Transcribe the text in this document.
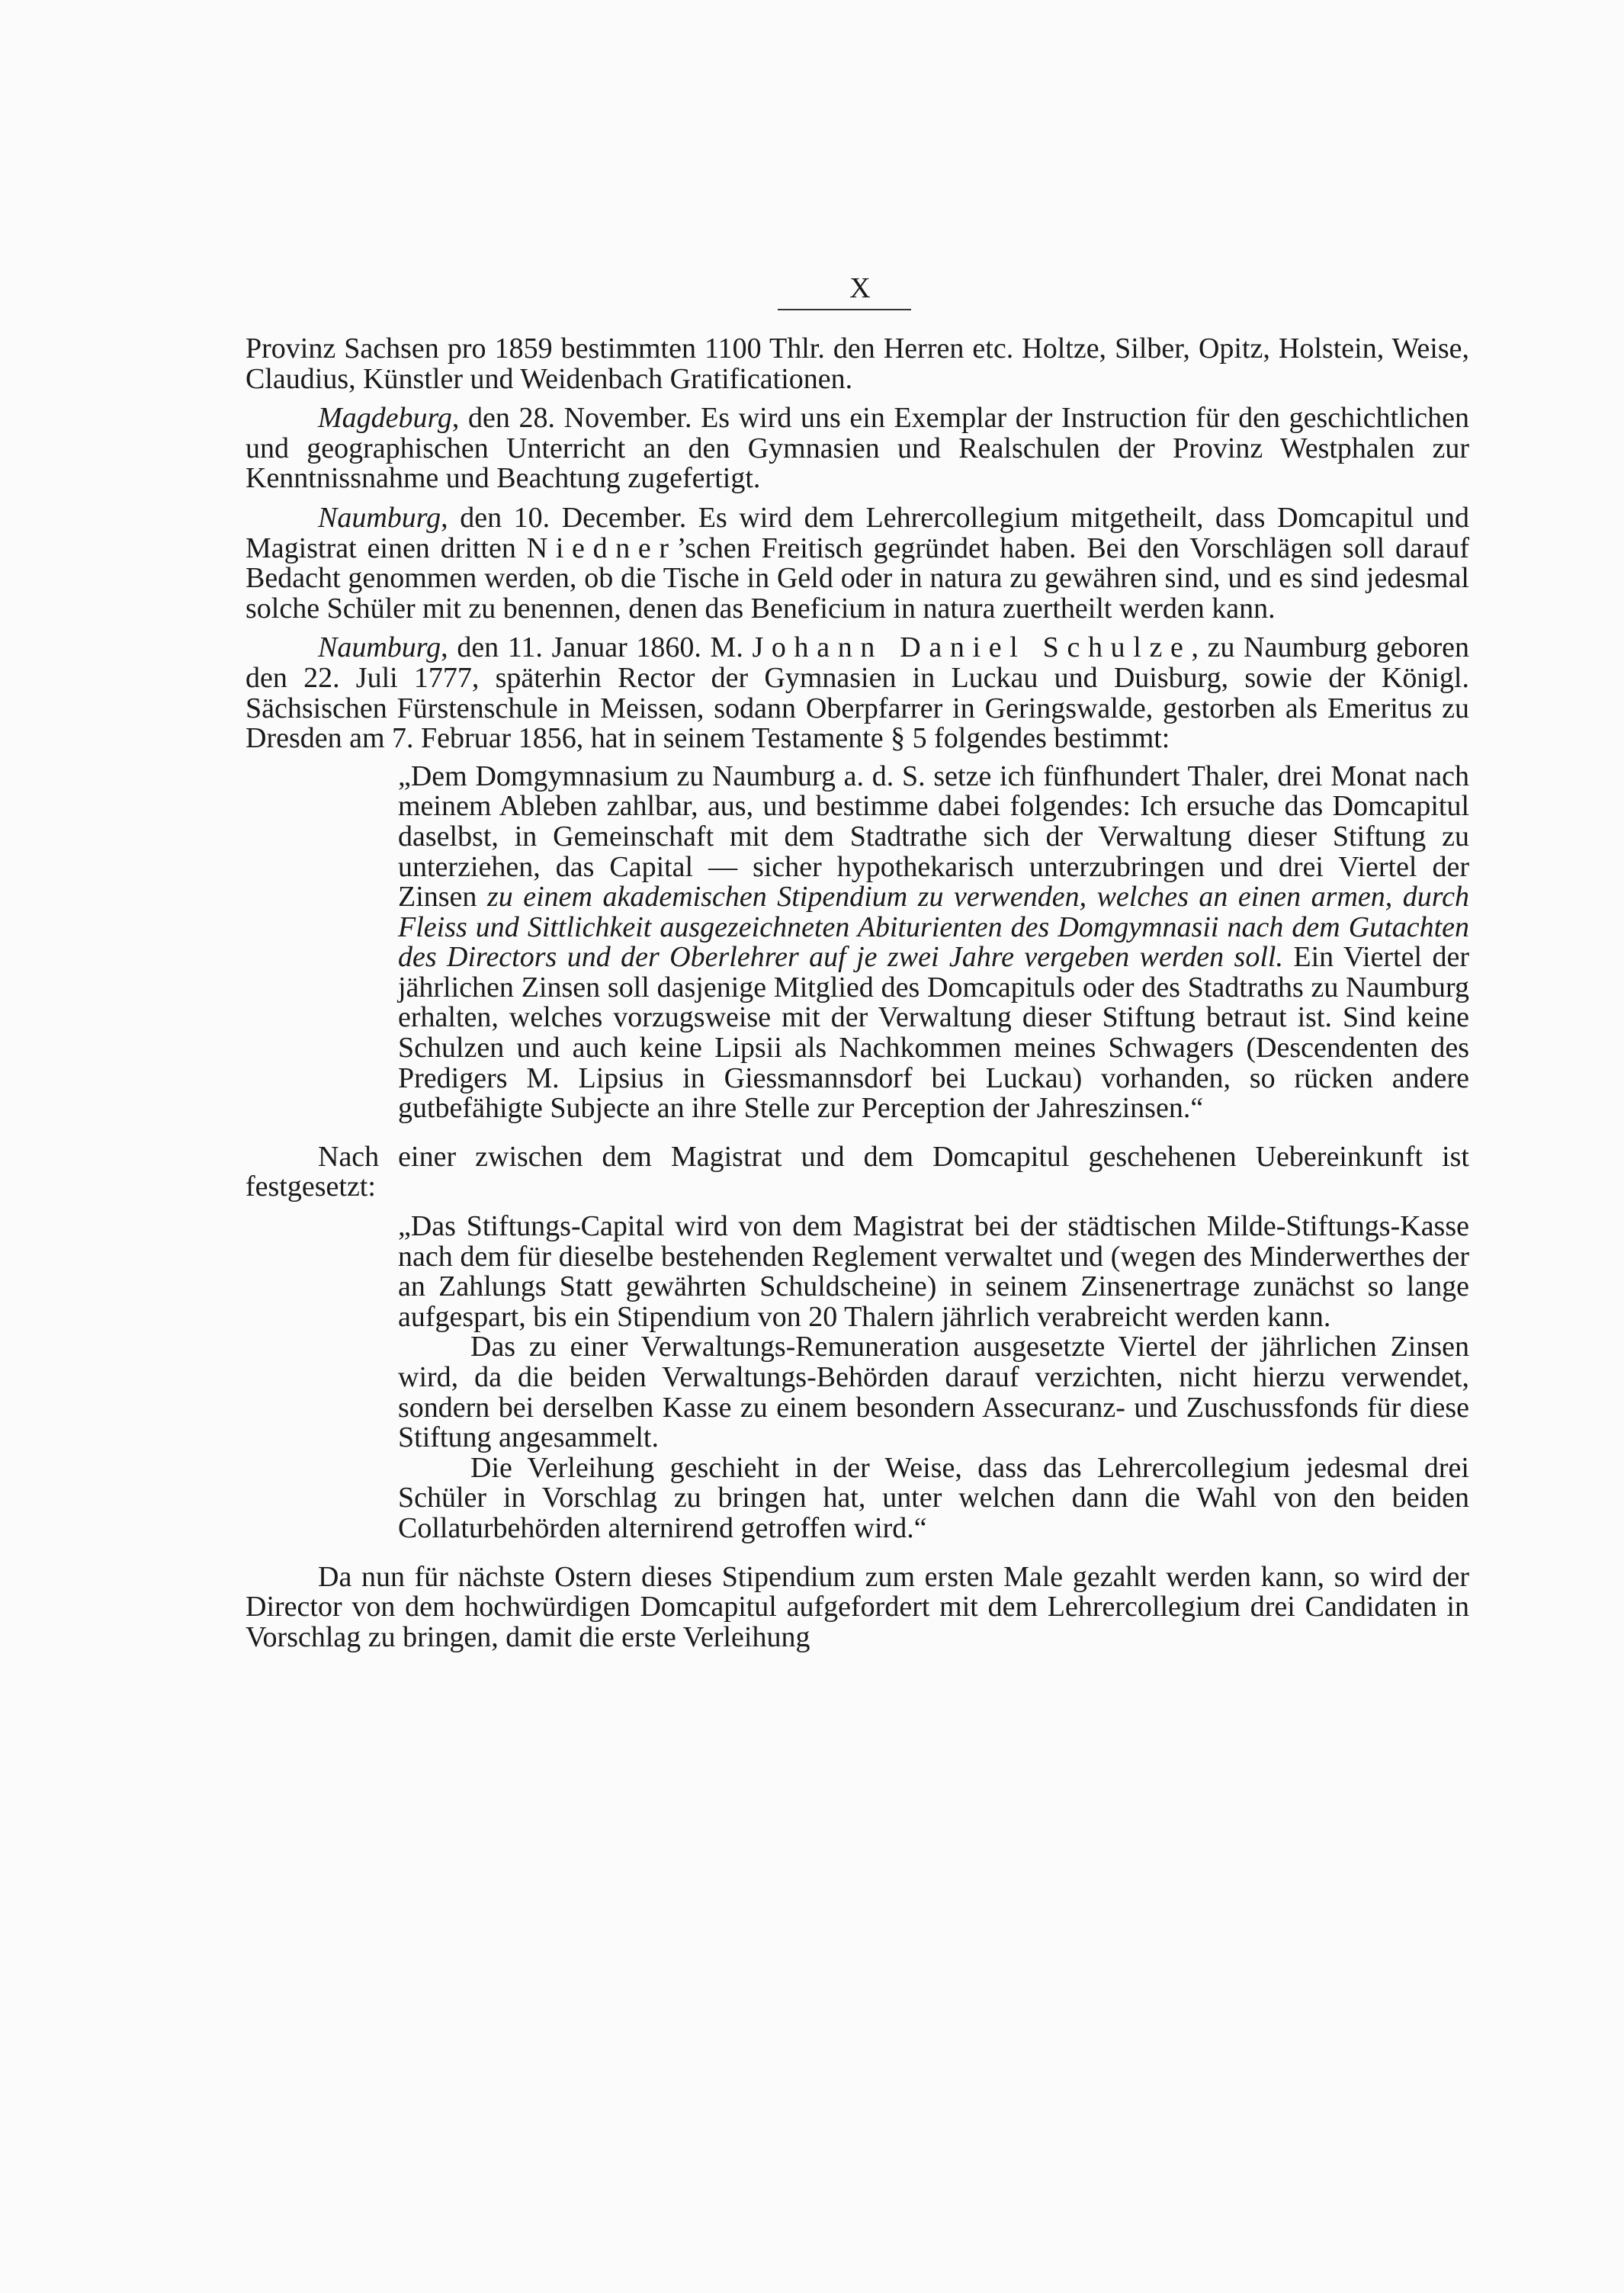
X

Provinz Sachsen pro 1859 bestimmten 1100 Thlr. den Herren etc. Holtze, Silber, Opitz, Holstein, Weise, Claudius, Künstler und Weidenbach Gratificationen.

Magdeburg, den 28. November. Es wird uns ein Exemplar der Instruction für den geschichtlichen und geographischen Unterricht an den Gymnasien und Realschulen der Provinz Westphalen zur Kenntnissnahme und Beachtung zugefertigt.

Naumburg, den 10. December. Es wird dem Lehrercollegium mitgetheilt, dass Domcapitul und Magistrat einen dritten Niedner’schen Freitisch gegründet haben. Bei den Vorschlägen soll darauf Bedacht genommen werden, ob die Tische in Geld oder in natura zu gewähren sind, und es sind jedesmal solche Schüler mit zu benennen, denen das Beneficium in natura zuertheilt werden kann.

Naumburg, den 11. Januar 1860. M. Johann Daniel Schulze, zu Naumburg geboren den 22. Juli 1777, späterhin Rector der Gymnasien in Luckau und Duisburg, sowie der Königl. Sächsischen Fürstenschule in Meissen, sodann Oberpfarrer in Geringswalde, gestorben als Emeritus zu Dresden am 7. Februar 1856, hat in seinem Testamente § 5 folgendes bestimmt:

„Dem Domgymnasium zu Naumburg a. d. S. setze ich fünfhundert Thaler, drei Monat nach meinem Ableben zahlbar, aus, und bestimme dabei folgendes: Ich ersuche das Domcapitul daselbst, in Gemeinschaft mit dem Stadtrathe sich der Verwaltung dieser Stiftung zu unterziehen, das Capital — sicher hypothekarisch unterzubringen und drei Viertel der Zinsen zu einem akademischen Stipendium zu verwenden, welches an einen armen, durch Fleiss und Sittlichkeit ausgezeichneten Abiturienten des Domgymnasii nach dem Gutachten des Directors und der Oberlehrer auf je zwei Jahre vergeben werden soll. Ein Viertel der jährlichen Zinsen soll dasjenige Mitglied des Domcapituls oder des Stadtraths zu Naumburg erhalten, welches vorzugsweise mit der Verwaltung dieser Stiftung betraut ist. Sind keine Schulzen und auch keine Lipsii als Nachkommen meines Schwagers (Descendenten des Predigers M. Lipsius in Giessmannsdorf bei Luckau) vorhanden, so rücken andere gutbefähigte Subjecte an ihre Stelle zur Perception der Jahreszinsen.“

Nach einer zwischen dem Magistrat und dem Domcapitul geschehenen Uebereinkunft ist festgesetzt:

„Das Stiftungs-Capital wird von dem Magistrat bei der städtischen Milde-Stiftungs-Kasse nach dem für dieselbe bestehenden Reglement verwaltet und (wegen des Minderwerthes der an Zahlungs Statt gewährten Schuldscheine) in seinem Zinsenertrage zunächst so lange aufgespart, bis ein Stipendium von 20 Thalern jährlich verabreicht werden kann.

Das zu einer Verwaltungs-Remuneration ausgesetzte Viertel der jährlichen Zinsen wird, da die beiden Verwaltungs-Behörden darauf verzichten, nicht hierzu verwendet, sondern bei derselben Kasse zu einem besondern Assecuranz- und Zuschussfonds für diese Stiftung angesammelt.

Die Verleihung geschieht in der Weise, dass das Lehrercollegium jedesmal drei Schüler in Vorschlag zu bringen hat, unter welchen dann die Wahl von den beiden Collaturbehörden alternirend getroffen wird.“

Da nun für nächste Ostern dieses Stipendium zum ersten Male gezahlt werden kann, so wird der Director von dem hochwürdigen Domcapitul aufgefordert mit dem Lehrercollegium drei Candidaten in Vorschlag zu bringen, damit die erste Verleihung
